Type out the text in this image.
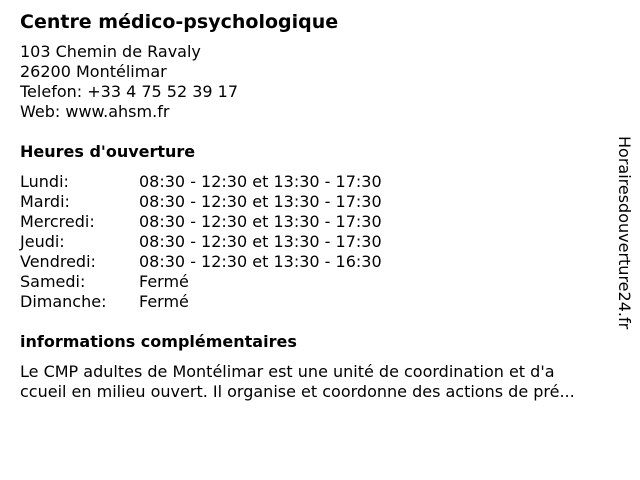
Centre médico-psychologique
103 Chemin de Ravaly
26200 Montélimar
Telefon: +33 4 75 52 39 17
Web: www.ahsm.fr
Heures d'ouverture
Lundi:	08:30 - 12:30 et 13:30 - 17:30
Mardi:	08:30 - 12:30 et 13:30 - 17:30
Mercredi:	08:30 - 12:30 et 13:30 - 17:30
Jeudi:	08:30 - 12:30 et 13:30 - 17:30
Vendredi:	08:30 - 12:30 et 13:30 - 16:30
Samedi:	Fermé
Dimanche:	Fermé
informations complémentaires
Le CMP adultes de Montélimar est une unité de coordination et d'a
ccueil en milieu ouvert. Il organise et coordonne des actions de pré...
Horairesdouverture24.fr
